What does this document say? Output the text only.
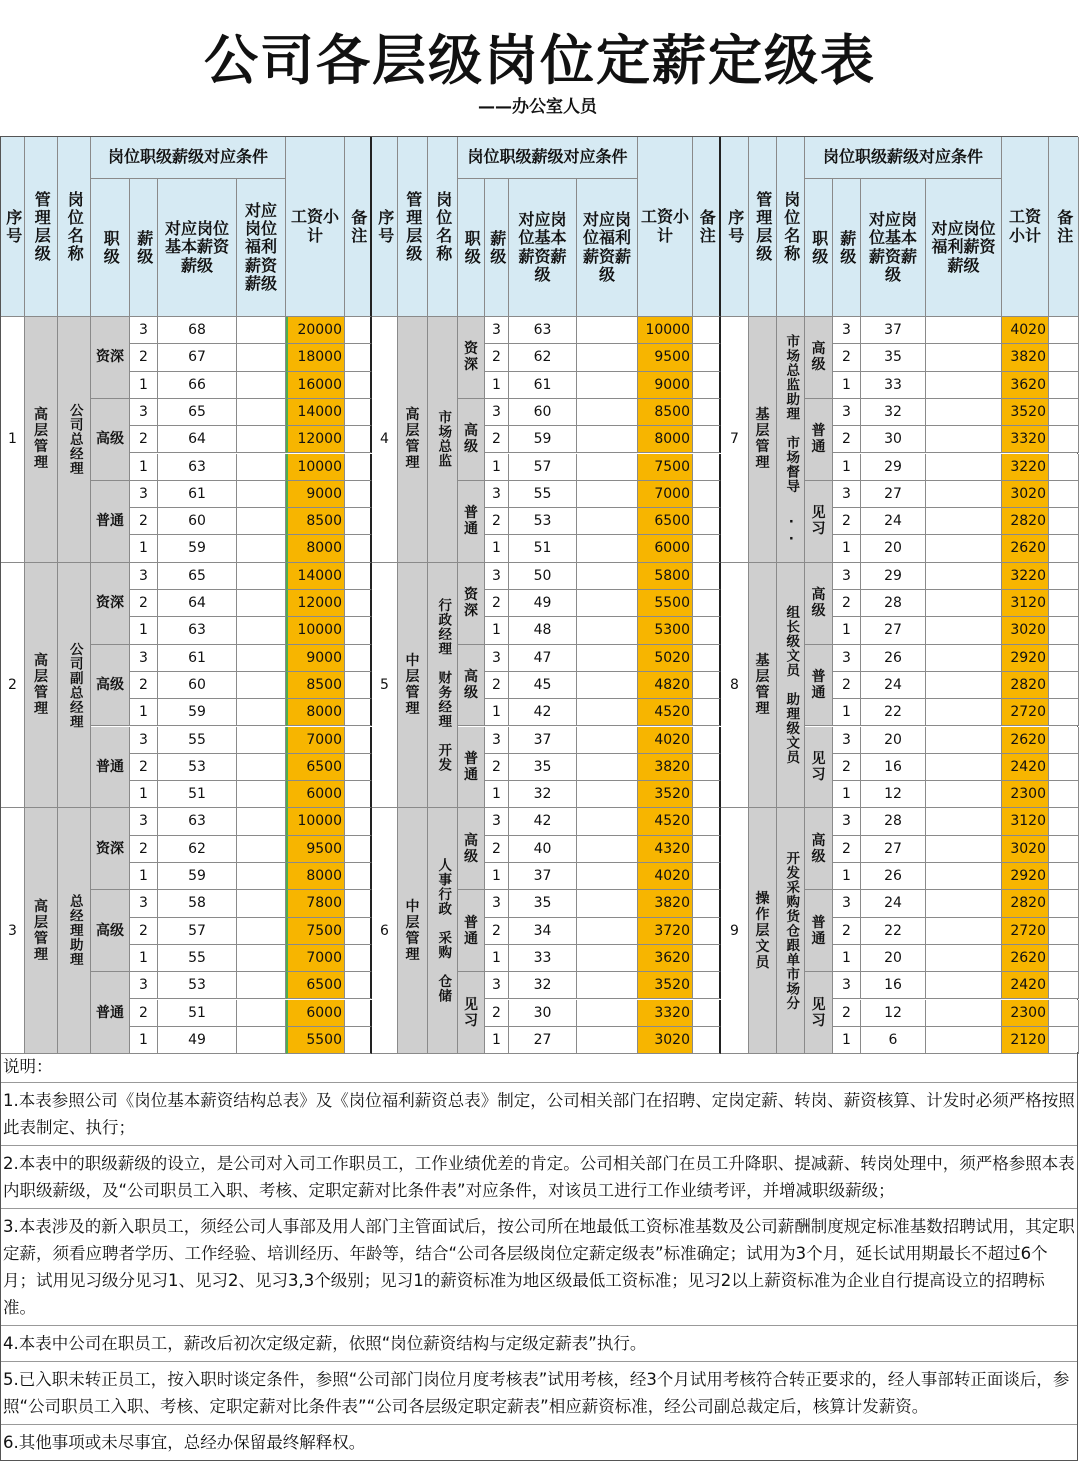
公司各层级岗位定薪定级表
——办公室人员
序号 管理层级 岗位名称
岗位职级薪级对应条件
职级 薪级
对应岗位基本薪资薪级
对应岗位福利薪资薪级
工资小计	备注
1
高层管理	公司总经理
资深
3	68	20000
2	67	18000
1	66	16000
高级
3	65	14000
2	64	12000
1	63	10000
普通
3	61	9000
2	60	8500
1	59	8000
2
高层管理	公司副总经理
资深
3	65	14000
2	64	12000
1	63	10000
高级
3	61	9000
2	60	8500
1	59	8000
普通
3	55	7000
2	53	6500
1	51	6000
3
高层管理	总经理助理
资深
3	63	10000
2	62	9500
1	59	8000
高级
3	58	7800
2	57	7500
1	55	7000
普通
3	53	6500
2	51	6000
1	49	5500
序号 管理层级 岗位名称
岗位职级薪级对应条件
职级 薪级
对应岗位基本薪资薪级
对应岗位福利薪资薪级
工资小计	备注
4
高层管理	市场总监
资深
3	63	10000
2	62	9500
1	61	9000
高级
3	60	8500
2	59	8000
1	57	7500
普通
3	55	7000
2	53	6500
1	51	6000
5
中层管理	行政经理　财务经理　开发
资深
3	50	5800
2	49	5500
1	48	5300
高级
3	47	5020
2	45	4820
1	42	4520
普通
3	37	4020
2	35	3820
1	32	3520
6
中层管理	人事行政　采购　仓储
高级
3	42	4520
2	40	4320
1	37	4020
普通
3	35	3820
2	34	3720
1	33	3620
见习
3	32	3520
2	30	3320
1	27	3020
序号 管理层级 岗位名称
岗位职级薪级对应条件
职级 薪级
对应岗位基本薪资薪级
对应岗位福利薪资薪级
工资小计 备注
7
基层管理	市场总监助理　市场督导 .. 高级
3	37	4020
2	35	3820
1	33	3620
普通
3	32	3520
2	30	3320
1	29	3220
见习
3	27	3020
2	24	2820
1	20	2620
8
基层管理	组长级文员　助理级文员
高级
3	29	3220
2	28	3120
1	27	3020
普通
3	26	2920
2	24	2820
1	22	2720
见习
3	20	2620
2	16	2420
1	12	2300
9
操作层文员	开发采购货仓跟单市场分
高级
3	28	3120
2	27	3020
1	26	2920
普通
3	24	2820
2	22	2720
1	20	2620
见习
3	16	2420
2	12	2300
1	6	2120
说明：
1.本表参照公司《岗位基本薪资结构总表》及《岗位福利薪资总表》制定，公司相关部门在招聘、定岗定薪、转岗、薪资核算、计发时必须严格按照此表制定、执行；
2.本表中的职级薪级的设立，是公司对入司工作职员工，工作业绩优差的肯定。公司相关部门在员工升降职、提减薪、转岗处理中，须严格参照本表内职级薪级，及“公司职员工入职、考核、定职定薪对比条件表”对应条件，对该员工进行工作业绩考评，并增减职级薪级；
3.本表涉及的新入职员工，须经公司人事部及用人部门主管面试后，按公司所在地最低工资标准基数及公司薪酬制度规定标准基数招聘试用，其定职定薪，须看应聘者学历、工作经验、培训经历、年龄等，结合“公司各层级岗位定薪定级表”标准确定；试用为3个月，延长试用期最长不超过6个月；试用见习级分见习1、见习2、见习3,3个级别；见习1的薪资标准为地区级最低工资标准；见习2以上薪资标准为企业自行提高设立的招聘标准。
4.本表中公司在职员工，薪改后初次定级定薪，依照“岗位薪资结构与定级定薪表”执行。
5.已入职未转正员工，按入职时谈定条件，参照“公司部门岗位月度考核表”试用考核，经3个月试用考核符合转正要求的，经人事部转正面谈后，参照“公司职员工入职、考核、定职定薪对比条件表”“公司各层级定职定薪表”相应薪资标准，经公司副总裁定后，核算计发薪资。
6.其他事项或未尽事宜，总经办保留最终解释权。
